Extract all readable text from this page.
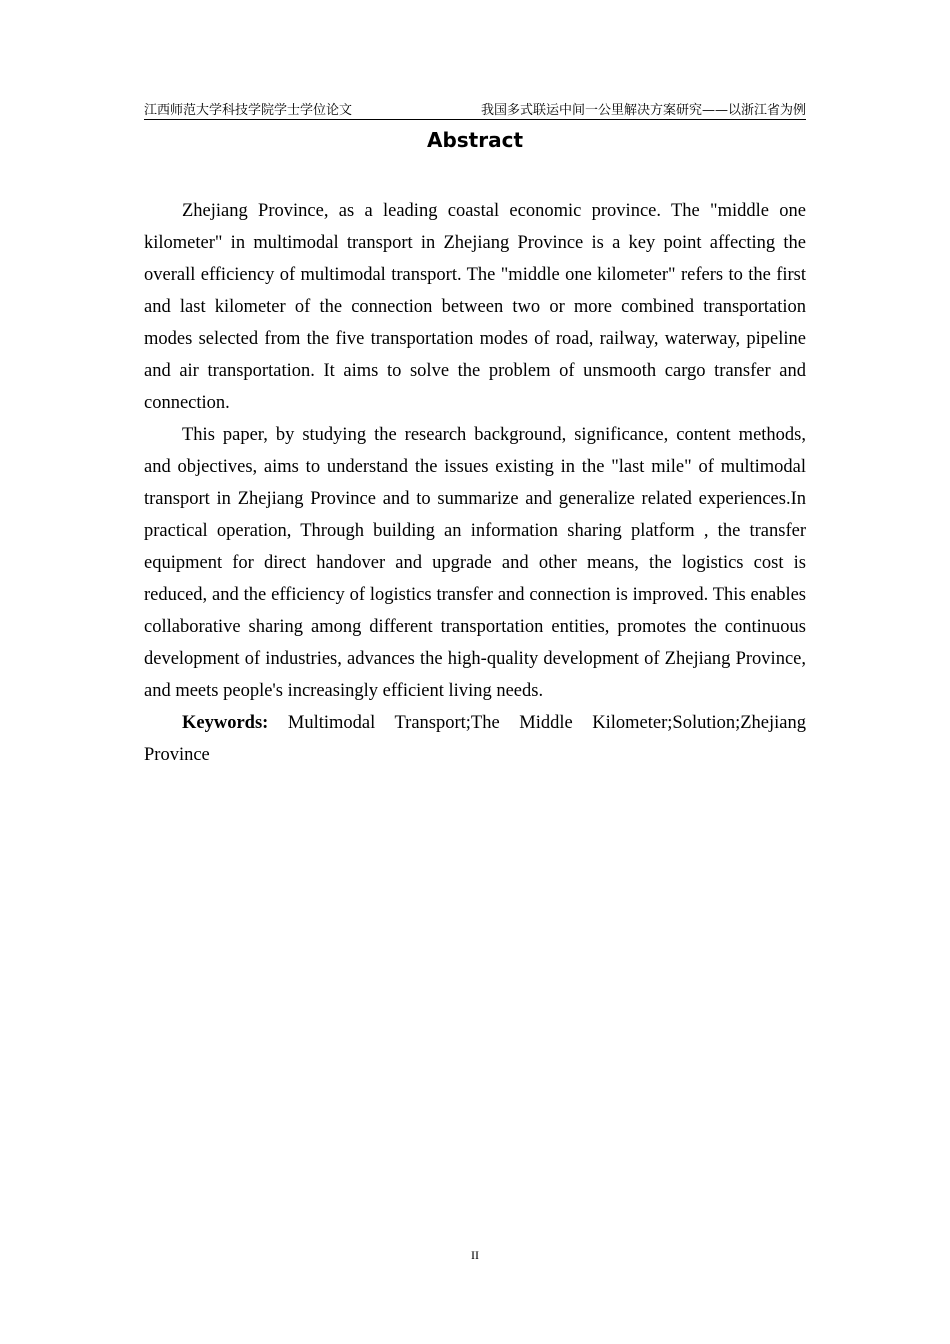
江西师范大学科技学院学士学位论文	我国多式联运中间一公里解决方案研究——以浙江省为例
Abstract

Zhejiang Province, as a leading coastal economic province. The "middle one kilometer" in multimodal transport in Zhejiang Province is a key point affecting the overall efficiency of multimodal transport. The "middle one kilometer" refers to the first and last kilometer of the connection between two or more combined transportation modes selected from the five transportation modes of road, railway, waterway, pipeline and air transportation. It aims to solve the problem of unsmooth cargo transfer and connection.

This paper, by studying the research background, significance, content methods, and objectives, aims to understand the issues existing in the "last mile" of multimodal transport in Zhejiang Province and to summarize and generalize related experiences.In practical operation, Through building an information sharing platform , the transfer equipment for direct handover and upgrade and other means, the logistics cost is reduced, and the efficiency of logistics transfer and connection is improved. This enables collaborative sharing among different transportation entities, promotes the continuous development of industries, advances the high-quality development of Zhejiang Province, and meets people's increasingly efficient living needs.

Keywords: Multimodal Transport;The Middle Kilometer;Solution;Zhejiang Province

II
